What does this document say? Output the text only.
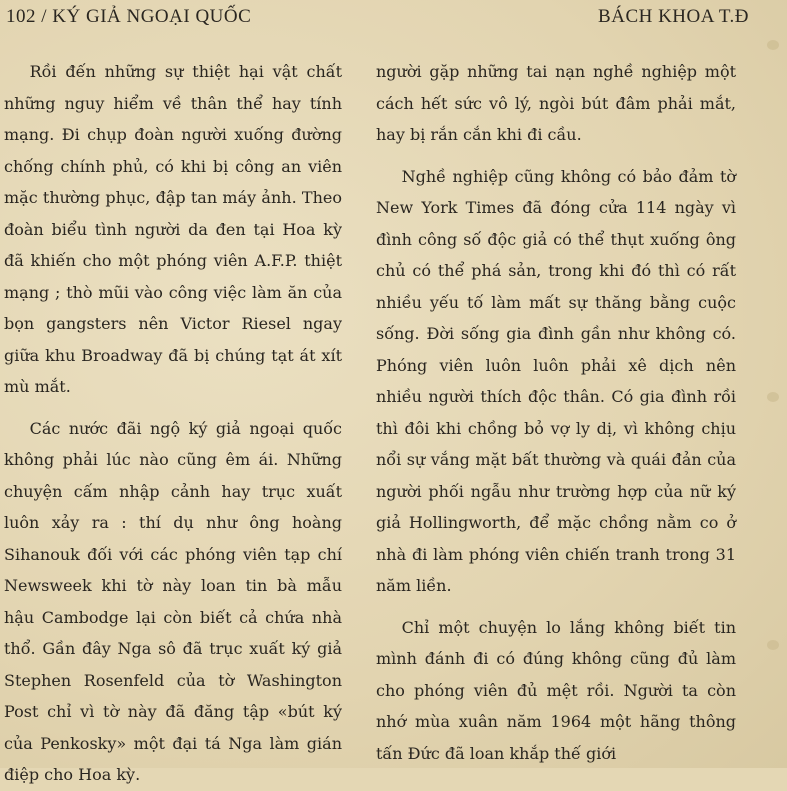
102 / KÝ GIẢ NGOẠI QUỐC	BÁCH KHOA T.Đ

Rồi đến những sự thiệt hại vật chất những nguy hiểm về thân thể hay tính mạng. Đi chụp đoàn người xuống đường chống chính phủ, có khi bị công an viên mặc thường phục, đập tan máy ảnh. Theo đoàn biểu tình người da đen tại Hoa kỳ đã khiến cho một phóng viên A.F.P. thiệt mạng ; thò mũi vào công việc làm ăn của bọn gangsters nên Victor Riesel ngay giữa khu Broadway đã bị chúng tạt át xít mù mắt.

Các nước đãi ngộ ký giả ngoại quốc không phải lúc nào cũng êm ái. Những chuyện cấm nhập cảnh hay trục xuất luôn xảy ra : thí dụ như ông hoàng Sihanouk đối với các phóng viên tạp chí Newsweek khi tờ này loan tin bà mẫu hậu Cambodge lại còn biết cả chứa nhà thổ. Gần đây Nga sô đã trục xuất ký giả Stephen Rosenfeld của tờ Washington Post chỉ vì tờ này đã đăng tập «bút ký của Penkosky» một đại tá Nga làm gián điệp cho Hoa kỳ.

người gặp những tai nạn nghề nghiệp một cách hết sức vô lý, ngòi bút đâm phải mắt, hay bị rắn cắn khi đi cầu.

Nghề nghiệp cũng không có bảo đảm tờ New York Times đã đóng cửa 114 ngày vì đình công số độc giả có thể thụt xuống ông chủ có thể phá sản, trong khi đó thì có rất nhiều yếu tố làm mất sự thăng bằng cuộc sống. Đời sống gia đình gần như không có. Phóng viên luôn luôn phải xê dịch nên nhiều người thích độc thân. Có gia đình rồi thì đôi khi chồng bỏ vợ ly dị, vì không chịu nổi sự vắng mặt bất thường và quái đản của người phối ngẫu như trường hợp của nữ ký giả Hollingworth, để mặc chồng nằm co ở nhà đi làm phóng viên chiến tranh trong 31 năm liền.

Chỉ một chuyện lo lắng không biết tin mình đánh đi có đúng không cũng đủ làm cho phóng viên đủ mệt rồi. Người ta còn nhớ mùa xuân năm 1964 một hãng thông tấn Đức đã loan khắp thế giới
